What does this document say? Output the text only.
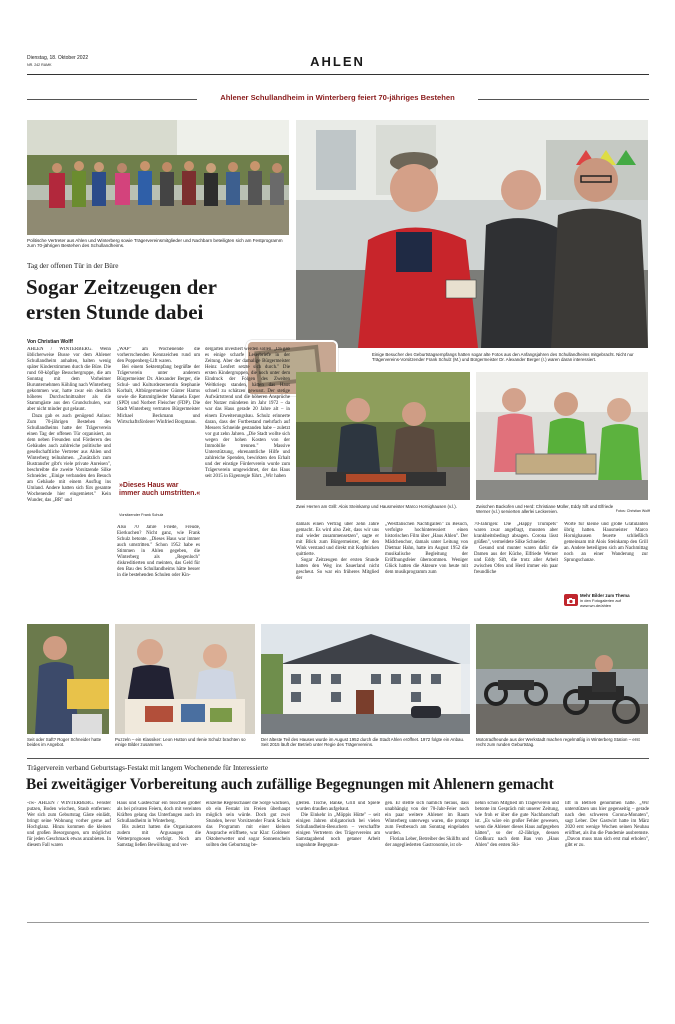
Dienstag, 18. Oktober 2022
NR. 242 RAMK	AHLEN
Ahlener Schullandheim in Winterberg feiert 70-jähriges Bestehen
Politische Vertreter aus Ahlen und Winterberg sowie Trägervereinsmitglieder und Nachbarn beteiligten sich am Festprogramm zum 70-jährigen Bestehen des Schullandheims.
Einige Besucher des Geburtstagsempfangs hatten sogar alte Fotos aus den Anfangsjahren des Schullandheims mitgebracht. Nicht nur Trägervereins-Vorsitzender Frank Schulz (M.) und Bürgermeister Dr. Alexander Berger (r.) waren daran interessiert.
Tag der offenen Tür in der Büre
Sogar Zeitzeugen der
ersten Stunde dabei
Von Christian Wolff

AHLEN / WINTERBERG. Wenn üblicherweise Busse vor dem Ahlener Schullandheim anhalten, halten wenig später Kinderstimmen durch die Büre. Die rund 60-köpfige Besuchergruppe, die am Sonntag mit dem Vorheimer Burunternehmen Köhling nach Winterberg gekommen war, hatte zwar ein deutlich höheres Durchschnittsalter als die Stammgäste aus den Grundschulen, war aber nicht minder gut gelaunt.

Dazu gab es auch genügend Anlass: Zum 70-jährigen Bestehen des Schullandheims hatte der Trägerverein einen Tag der offenen Tür organisiert, an dem neben Freunden und Förderern des Gebäudes auch zahlreiche politische und gesellschaftliche Vertreter aus Ahlen und Winterberg teilnahmen. „Zusätzlich zum Bustransfer gibt's viele private Anreisen", beschreibte die zweite Vorsitzende Silke Schneider. „Einige verbanden den Besuch am Gebäude mit einem Ausflug ins Umland. Andere hatten sich fürs gesamte Wochenende hier eingemietet." Kein Wunder, das „BR" und

„WAP" am Wochenende die vorherrschenden Kennzeichen rund um den Poppenberg-Lift waren.

Bei einem Sektempfang begrüßte der Trägerverein unter anderem Bürgermeister Dr. Alexander Berger, die Schul- und Kulturdezernentin Stephanie Korbalt, Altbürgermeister Günter Harms sowie die Ratsmitglieder Manuela Esper (SPD) und Norbert Fleischer (FDP). Die Stadt Winterberg vertraten Bürgermeister Michael Beckmann und Wirtschaftsförderer Winfried Borgmann.

»Dieses Haus war immer auch umstritten.«
Vorsitzender Frank Schulz

Also 70 Jahre Friede, Freude, Eierkuchen? Nicht ganz, wie Frank Schulz betonte. „Dieses Haus war immer auch umstritten." Schon 1952 habe es Stimmen in Ahlen gegeben, die Winterberg als „Regenloch" diskreditierten und meinten, das Geld für den Bau des Schullandheims hätte besser in die bestehenden Schulen oder Kin-

dergärten investiert werden sollen. „Da gab es einige scharfe Leserbriefe in der Zeitung. Aber der damalige Bürgermeister Heinz Lenfert setzte sich durch." Die ersten Kindergruppen, die noch unter dem Eindruck der Folgen des Zweiten Weltkriegs standen, hätten das Haus schnell zu schätzen gewusst. Der stetige Aufwärtstrend und die höheren Ansprüche der Nutzer mündeten im Jahr 1972 – da war das Haus gerade 20 Jahre alt – in einem Erweiterungsbau. Schulz erinnerte daran, dass der Fortbestand mehrfach auf Messers Schneide gestanden habe – zuletzt vor gut zehn Jahren. „Die Stadt wollte sich wegen der hohen Kosten von der Immobilie trennen." Massive Unterstützung, ehrenamtliche Hilfe und zahlreiche Spenden, bewirkten den Erhalt und der einstige Förderverein wurde zum Trägerverein umgewidmet, der das Haus seit 2015 in Eigenregie führt. „Wir haben

Zwei Herren am Grill: Alois Steinkamp und Hausmeister Marco Hornighausen (v.l.).	Zwischen Backofen und Herd: Christiane Müller, Eddy Sift und Elfriede Werner (v.l.) servierten allerlei Leckereien.	Fotos: Christian Wolff

damals einen Vertrag über zehn Jahre gemacht. Es wird also Zeit, dass wir uns mal wieder zusammensetzen", sagte er mit Blick zum Bürgermeister, der den Wink verstand und direkt mit Kopfnicken quittierte.

Sogar Zeitzeugen der ersten Stunde hatten den Weg ins Sauerland nicht gescheut. So war ein früheres Mitglied der

„Westfälischen Nachtigallen" zu Besuch, verfolgte hochinteressiert einen historischen Film über „Haus Ahlen". Der Mädchenchor, damals unter Leitung von Dietmar Hahn, hatte im August 1952 die musikalische Begleitung der Eröffnungsfeier übernommen. Weniger Glück hatten die Akteure von heute mit dem musikprogramm zum

70-Jährigen: Die „Happy Trumpets" waren zwar angefragt, mussten aber krankheitsbedingt absagen. Corona lässt grüßen", vermeldete Silke Schneider.

Gesund und munter waren dafür die Damen aus der Küche, Elfriede Werner und Eddy Sift, die trotz aller Arbeit zwischen Ofen und Herd immer ein paar freundliche

Worte für kleine und große Gratulanten übrig hatten. Hausmeister Marco Hornighausen feuerte schließlich gemeinsam mit Alois Steinkamp den Grill an. Andere beteiligten sich am Nachmittag noch an einer Wanderung zur Sprungschanze.

Mehr Bilder zum Thema
in den Fotogalerien auf www.wn.de/ahlen
Seit oder Saft? Roger Schneider hatte beides im Angebot.
Puzzeln – ein Klassiker: Leon Hutton und Ilenie Schulz brachten so einige Bilder zusammen.
Der älteste Teil des Hauses wurde im August 1952 durch die Stadt Ahlen eröffnet. 1972 folgte ein Anbau. Seit 2015 läuft der Betrieb unter Regie des Trägervereins.
Motorradfreunde aus der Werkstadt machen regelmäßig in Winterberg Station – erst recht zum runden Geburtstag.
Trägerverein verband Geburtstags-Festakt mit langem Wochenende für Interessierte
Bei zweitägiger Vorbereitung auch zufällige Begegnungen mit Ahlenern gemacht

-cw- AHLEN / WINTERBERG. Fenster putzen, Boden wischen, Staub entfernen: Wer sich zum Geburtstag Gäste einlädt, bringt seine Wohnung vorher gerne auf Hochglanz. Hinzu kommen die kleinen und großen Besorgungen, um möglichst für jeden Geschmack etwas anzubieten. In diesem Fall waren

Haus und Gästeschar ein bisschen größer als bei privaten Feiern, doch mit vereinten Kräften gelang das Unterfangen auch im Schullandheim in Winterberg.

Bis zuletzt hatten die Organisatoren zudem mit Argusaugen die Wetterprognosen verfolgt. Noch am Samstag ließen Bewölkung und ver-

einzelne Regenschauer die Sorge wachsen, ob ein Festakt im Freien überhaupt möglich sein würde. Doch gut zwei Stunden, bevor Vorsitzender Frank Schulz das Programm mit einer kleinen Ansprache eröffnete, war Klar: Goldener Oktoberwetter und sogar Sonnenschein sollten den Geburtstag be-

gleiten. Tische, Bänke, Grill und Spiele wurden draußen aufgebaut.

Die Einkehr in „Möppis Hütte" – seit einigen Jahren obligatorisch bei vielen Schullandheim-Besuchern – verschaffte einigen Vertretern des Trägervereins am Samstagabend noch getaner Arbeit ungeahnte Begegnun-

gen. Er stellte sich nämlich heraus, dass unabhängig von der 70-Jahr-Feier noch ein paar weitere Ahlener im Raum Winterberg unterwegs waren, die prompt zum Festbesuch am Sonntag eingeladen wurden.

Florian Leber, Betreiber des Skilifts und der angegliederten Gastronomie, ist oh-

nehin schon Mitglied im Trägerverein und betonte im Gespräch mit unserer Zeitung, wie froh er über die gute Nachbarschaft ist. „Es wäre ein großer Fehler gewesen, wenn die Ahlener dieses Haus aufgegeben hätten", so der 42-Jährige, dessen Großkurz nach dem Bau von „Haus Ahlen" den ersten Ski-

lift in Betrieb genommen hatte. „Wir unterstützen uns hier gegenseitig – gerade nach den schweren Corona-Monaten", sagt Leber. Der Gastwirt hatte im März 2020 erst wenige Wochen seinen Neubau eröffnet, als ihn die Pandemie ausbremste. „Davon muss man sich erst mal erholen", gibt er zu.
